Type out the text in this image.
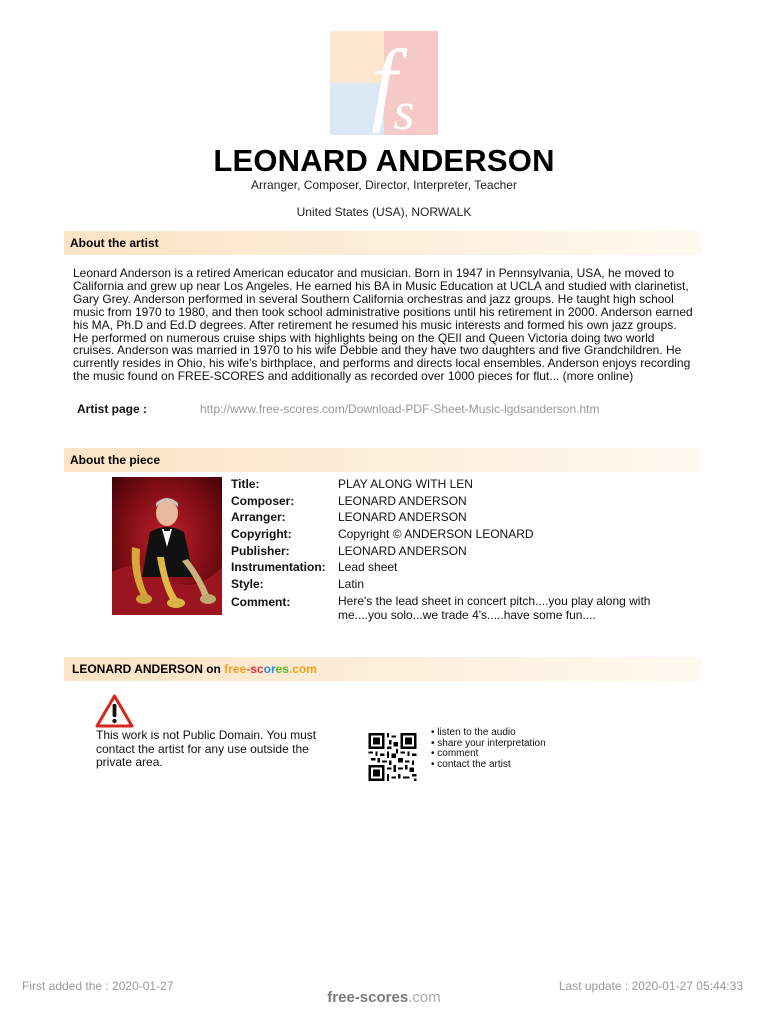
f
s
LEONARD ANDERSON
Arranger, Composer, Director, Interpreter, Teacher
United States (USA), NORWALK
About the artist
Leonard Anderson is a retired American educator and musician. Born in 1947 in Pennsylvania, USA, he moved to California and grew up near Los Angeles. He earned his BA in Music Education at UCLA and studied with clarinetist, Gary Grey. Anderson performed in several Southern California orchestras and jazz groups. He taught high school music from 1970 to 1980, and then took school administrative positions until his retirement in 2000. Anderson earned his MA, Ph.D and Ed.D degrees. After retirement he resumed his music interests and formed his own jazz groups. He performed on numerous cruise ships with highlights being on the QEII and Queen Victoria doing two world cruises. Anderson was married in 1970 to his wife Debbie and they have two daughters and five Grandchildren. He currently resides in Ohio, his wife's birthplace, and performs and directs local ensembles. Anderson enjoys recording the music found on FREE-SCORES and additionally as recorded over 1000 pieces for flut... (more online)
Artist page :	http://www.free-scores.com/Download-PDF-Sheet-Music-lgdsanderson.htm
About the piece
Title:	PLAY ALONG WITH LEN
Composer:	LEONARD ANDERSON
Arranger:	LEONARD ANDERSON
Copyright:	Copyright © ANDERSON LEONARD
Publisher:	LEONARD ANDERSON
Instrumentation: Lead sheet
Style:	Latin
Comment:	Here's the lead sheet in concert pitch....you play along with me....you solo...we trade 4's.....have some fun....
LEONARD ANDERSON on free-scores.com
This work is not Public Domain. You must contact the artist for any use outside the private area.
• listen to the audio
• share your interpretation
• comment
• contact the artist
First added the : 2020-01-27	Last update : 2020-01-27 05:44:33
free-scores.com
